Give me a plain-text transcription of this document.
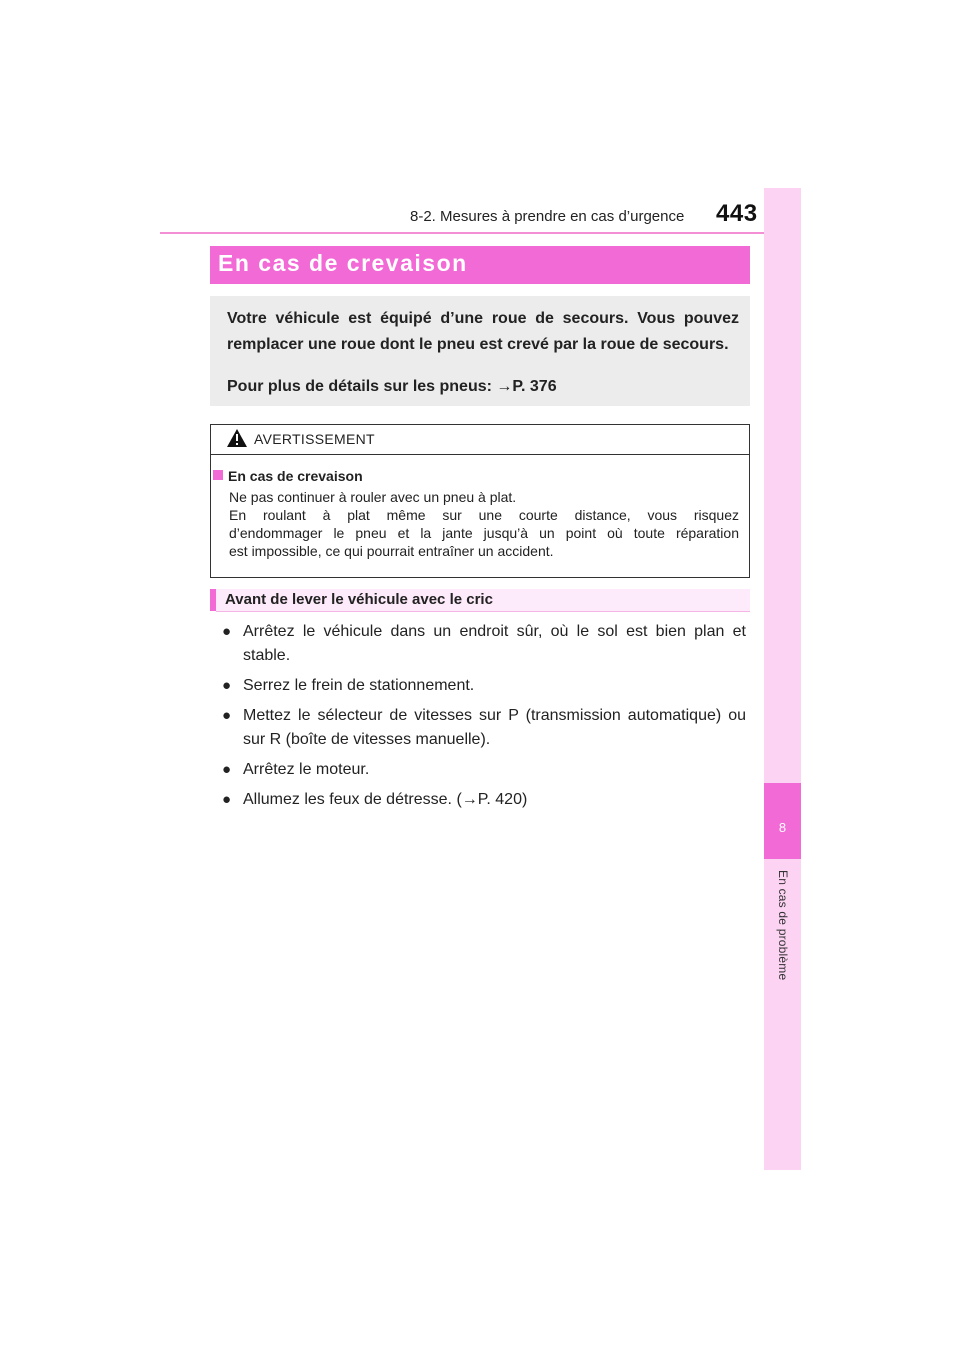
8-2. Mesures à prendre en cas d’urgence 443
8
En cas de problème
En cas de crevaison
Votre véhicule est équipé d’une roue de secours. Vous pouvez remplacer une roue dont le pneu est crevé par la roue de secours.
Pour plus de détails sur les pneus: →P. 376
AVERTISSEMENT
En cas de crevaison
Ne pas continuer à rouler avec un pneu à plat.
En roulant à plat même sur une courte distance, vous risquez
d’endommager le pneu et la jante jusqu’à un point où toute réparation
est impossible, ce qui pourrait entraîner un accident.
Avant de lever le véhicule avec le cric
● Arrêtez le véhicule dans un endroit sûr, où le sol est bien plan et stable.
● Serrez le frein de stationnement.
● Mettez le sélecteur de vitesses sur P (transmission automatique) ou sur R (boîte de vitesses manuelle).
● Arrêtez le moteur.
● Allumez les feux de détresse. (→P. 420)
